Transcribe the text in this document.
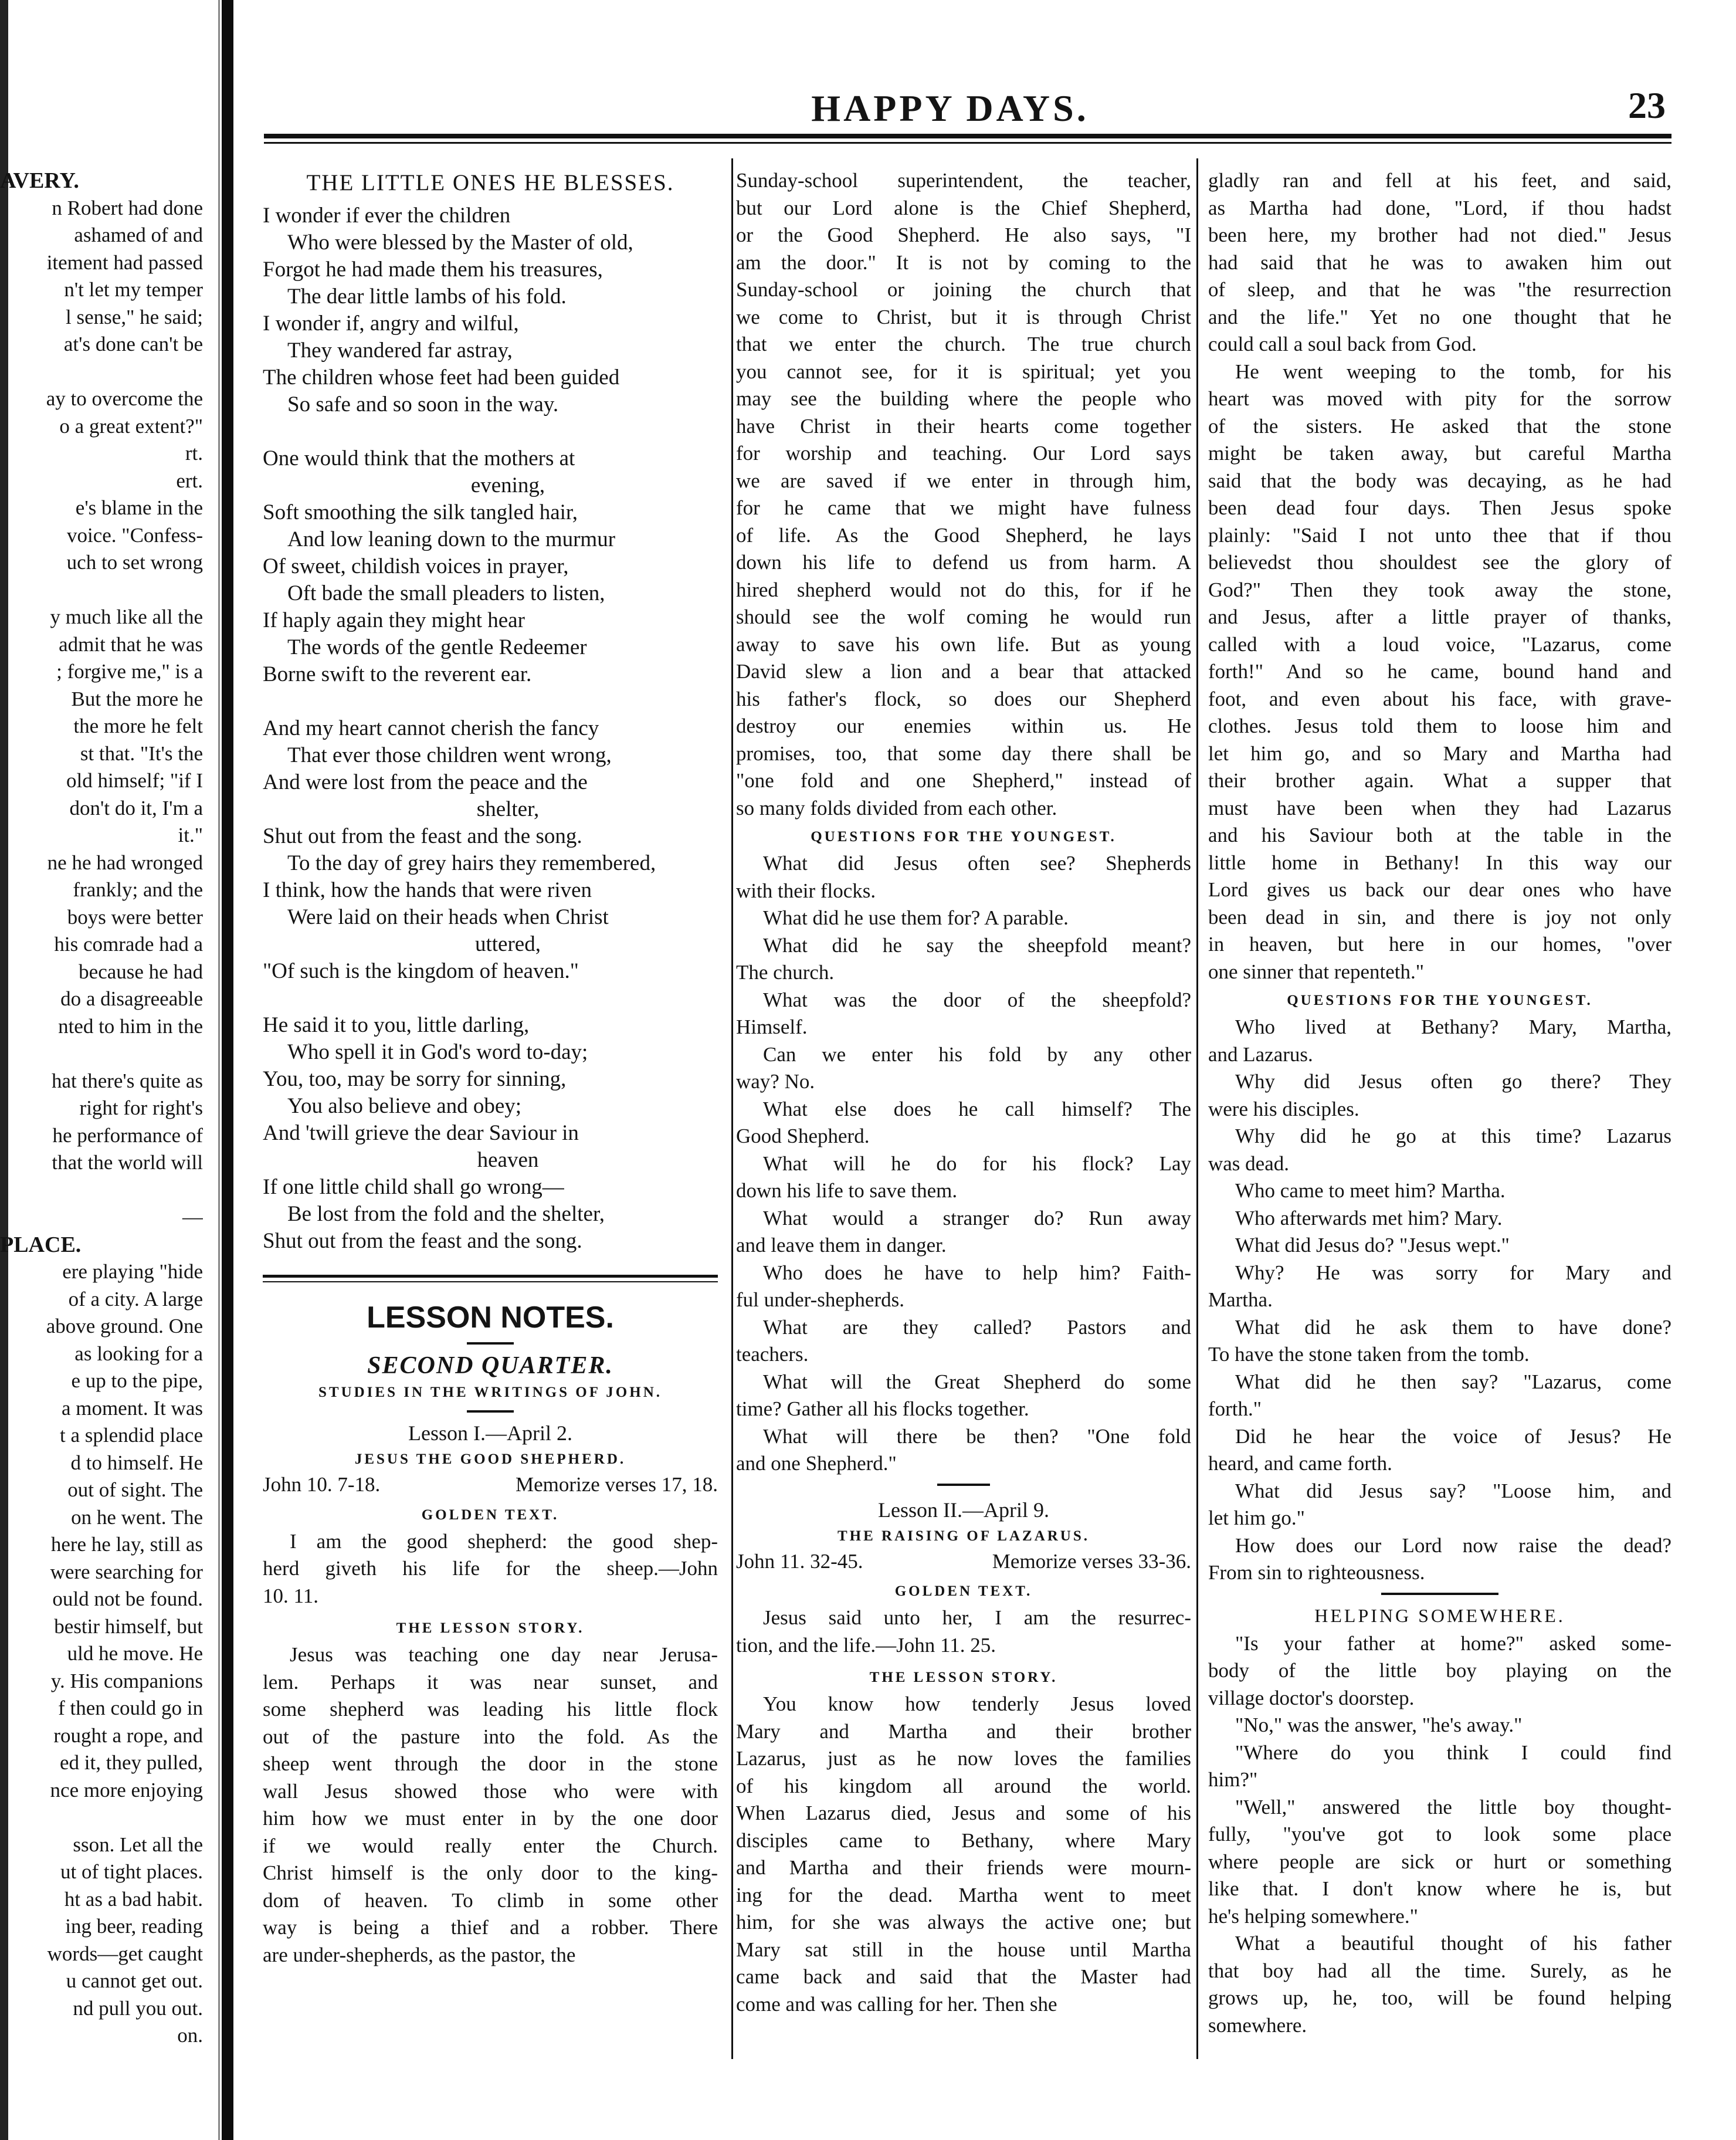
HAPPY DAYS.	23
AVERY.
n Robert had done
ashamed of and
itement had passed
n't let my temper
l sense," he said;
at's done can't be
ay to overcome the
o a great extent?"
rt.
ert.
e's blame in the
voice. "Confess-
uch to set wrong
y much like all the
admit that he was
; forgive me," is a
But the more he
the more he felt
st that. "It's the
old himself; "if I
don't do it, I'm a
it."
ne he had wronged
frankly; and the
boys were better
his comrade had a
because he had
do a disagreeable
nted to him in the
hat there's quite as
right for right's
he performance of
that the world will
—
PLACE.
ere playing "hide
of a city. A large
above ground. One
as looking for a
e up to the pipe,
a moment. It was
t a splendid place
d to himself. He
out of sight. The
on he went. The
here he lay, still as
were searching for
ould not be found.
bestir himself, but
uld he move. He
y. His companions
f then could go in
rought a rope, and
ed it, they pulled,
nce more enjoying
sson. Let all the
ut of tight places.
ht as a bad habit.
ing beer, reading
words—get caught
u cannot get out.
nd pull you out.
on.
THE LITTLE ONES HE BLESSES.
I wonder if ever the children
Who were blessed by the Master of old,
Forgot he had made them his treasures,
The dear little lambs of his fold.
I wonder if, angry and wilful,
They wandered far astray,
The children whose feet had been guided
So safe and so soon in the way.
One would think that the mothers at
evening,
Soft smoothing the silk tangled hair,
And low leaning down to the murmur
Of sweet, childish voices in prayer,
Oft bade the small pleaders to listen,
If haply again they might hear
The words of the gentle Redeemer
Borne swift to the reverent ear.
And my heart cannot cherish the fancy
That ever those children went wrong,
And were lost from the peace and the
shelter,
Shut out from the feast and the song.
To the day of grey hairs they remembered,
I think, how the hands that were riven
Were laid on their heads when Christ
uttered,
"Of such is the kingdom of heaven."
He said it to you, little darling,
Who spell it in God's word to-day;
You, too, may be sorry for sinning,
You also believe and obey;
And 'twill grieve the dear Saviour in
heaven
If one little child shall go wrong—
Be lost from the fold and the shelter,
Shut out from the feast and the song.
LESSON NOTES.
SECOND QUARTER.
STUDIES IN THE WRITINGS OF JOHN.
Lesson I.—April 2.
JESUS THE GOOD SHEPHERD.
John 10. 7-18.	Memorize verses 17, 18.
GOLDEN TEXT.
I am the good shepherd: the good shep-
herd giveth his life for the sheep.—John
10. 11.
THE LESSON STORY.
Jesus was teaching one day near Jerusa-
lem. Perhaps it was near sunset, and
some shepherd was leading his little flock
out of the pasture into the fold. As the
sheep went through the door in the stone
wall Jesus showed those who were with
him how we must enter in by the one door
if we would really enter the Church.
Christ himself is the only door to the king-
dom of heaven. To climb in some other
way is being a thief and a robber. There
are under-shepherds, as the pastor, the
Sunday-school superintendent, the teacher,
but our Lord alone is the Chief Shepherd,
or the Good Shepherd. He also says, "I
am the door." It is not by coming to the
Sunday-school or joining the church that
we come to Christ, but it is through Christ
that we enter the church. The true church
you cannot see, for it is spiritual; yet you
may see the building where the people who
have Christ in their hearts come together
for worship and teaching. Our Lord says
we are saved if we enter in through him,
for he came that we might have fulness
of life. As the Good Shepherd, he lays
down his life to defend us from harm. A
hired shepherd would not do this, for if he
should see the wolf coming he would run
away to save his own life. But as young
David slew a lion and a bear that attacked
his father's flock, so does our Shepherd
destroy our enemies within us. He
promises, too, that some day there shall be
"one fold and one Shepherd," instead of
so many folds divided from each other.
QUESTIONS FOR THE YOUNGEST.
What did Jesus often see? Shepherds
with their flocks.
What did he use them for? A parable.
What did he say the sheepfold meant?
The church.
What was the door of the sheepfold?
Himself.
Can we enter his fold by any other
way? No.
What else does he call himself? The
Good Shepherd.
What will he do for his flock? Lay
down his life to save them.
What would a stranger do? Run away
and leave them in danger.
Who does he have to help him? Faith-
ful under-shepherds.
What are they called? Pastors and
teachers.
What will the Great Shepherd do some
time? Gather all his flocks together.
What will there be then? "One fold
and one Shepherd."
Lesson II.—April 9.
THE RAISING OF LAZARUS.
John 11. 32-45.	Memorize verses 33-36.
GOLDEN TEXT.
Jesus said unto her, I am the resurrec-
tion, and the life.—John 11. 25.
THE LESSON STORY.
You know how tenderly Jesus loved
Mary and Martha and their brother
Lazarus, just as he now loves the families
of his kingdom all around the world.
When Lazarus died, Jesus and some of his
disciples came to Bethany, where Mary
and Martha and their friends were mourn-
ing for the dead. Martha went to meet
him, for she was always the active one; but
Mary sat still in the house until Martha
came back and said that the Master had
come and was calling for her. Then she
gladly ran and fell at his feet, and said,
as Martha had done, "Lord, if thou hadst
been here, my brother had not died." Jesus
had said that he was to awaken him out
of sleep, and that he was "the resurrection
and the life." Yet no one thought that he
could call a soul back from God.
He went weeping to the tomb, for his
heart was moved with pity for the sorrow
of the sisters. He asked that the stone
might be taken away, but careful Martha
said that the body was decaying, as he had
been dead four days. Then Jesus spoke
plainly: "Said I not unto thee that if thou
believedst thou shouldest see the glory of
God?" Then they took away the stone,
and Jesus, after a little prayer of thanks,
called with a loud voice, "Lazarus, come
forth!" And so he came, bound hand and
foot, and even about his face, with grave-
clothes. Jesus told them to loose him and
let him go, and so Mary and Martha had
their brother again. What a supper that
must have been when they had Lazarus
and his Saviour both at the table in the
little home in Bethany! In this way our
Lord gives us back our dear ones who have
been dead in sin, and there is joy not only
in heaven, but here in our homes, "over
one sinner that repenteth."
QUESTIONS FOR THE YOUNGEST.
Who lived at Bethany? Mary, Martha,
and Lazarus.
Why did Jesus often go there? They
were his disciples.
Why did he go at this time? Lazarus
was dead.
Who came to meet him? Martha.
Who afterwards met him? Mary.
What did Jesus do? "Jesus wept."
Why? He was sorry for Mary and
Martha.
What did he ask them to have done?
To have the stone taken from the tomb.
What did he then say? "Lazarus, come
forth."
Did he hear the voice of Jesus? He
heard, and came forth.
What did Jesus say? "Loose him, and
let him go."
How does our Lord now raise the dead?
From sin to righteousness.
HELPING SOMEWHERE.
"Is your father at home?" asked some-
body of the little boy playing on the
village doctor's doorstep.
"No," was the answer, "he's away."
"Where do you think I could find
him?"
"Well," answered the little boy thought-
fully, "you've got to look some place
where people are sick or hurt or something
like that. I don't know where he is, but
he's helping somewhere."
What a beautiful thought of his father
that boy had all the time. Surely, as he
grows up, he, too, will be found helping
somewhere.
